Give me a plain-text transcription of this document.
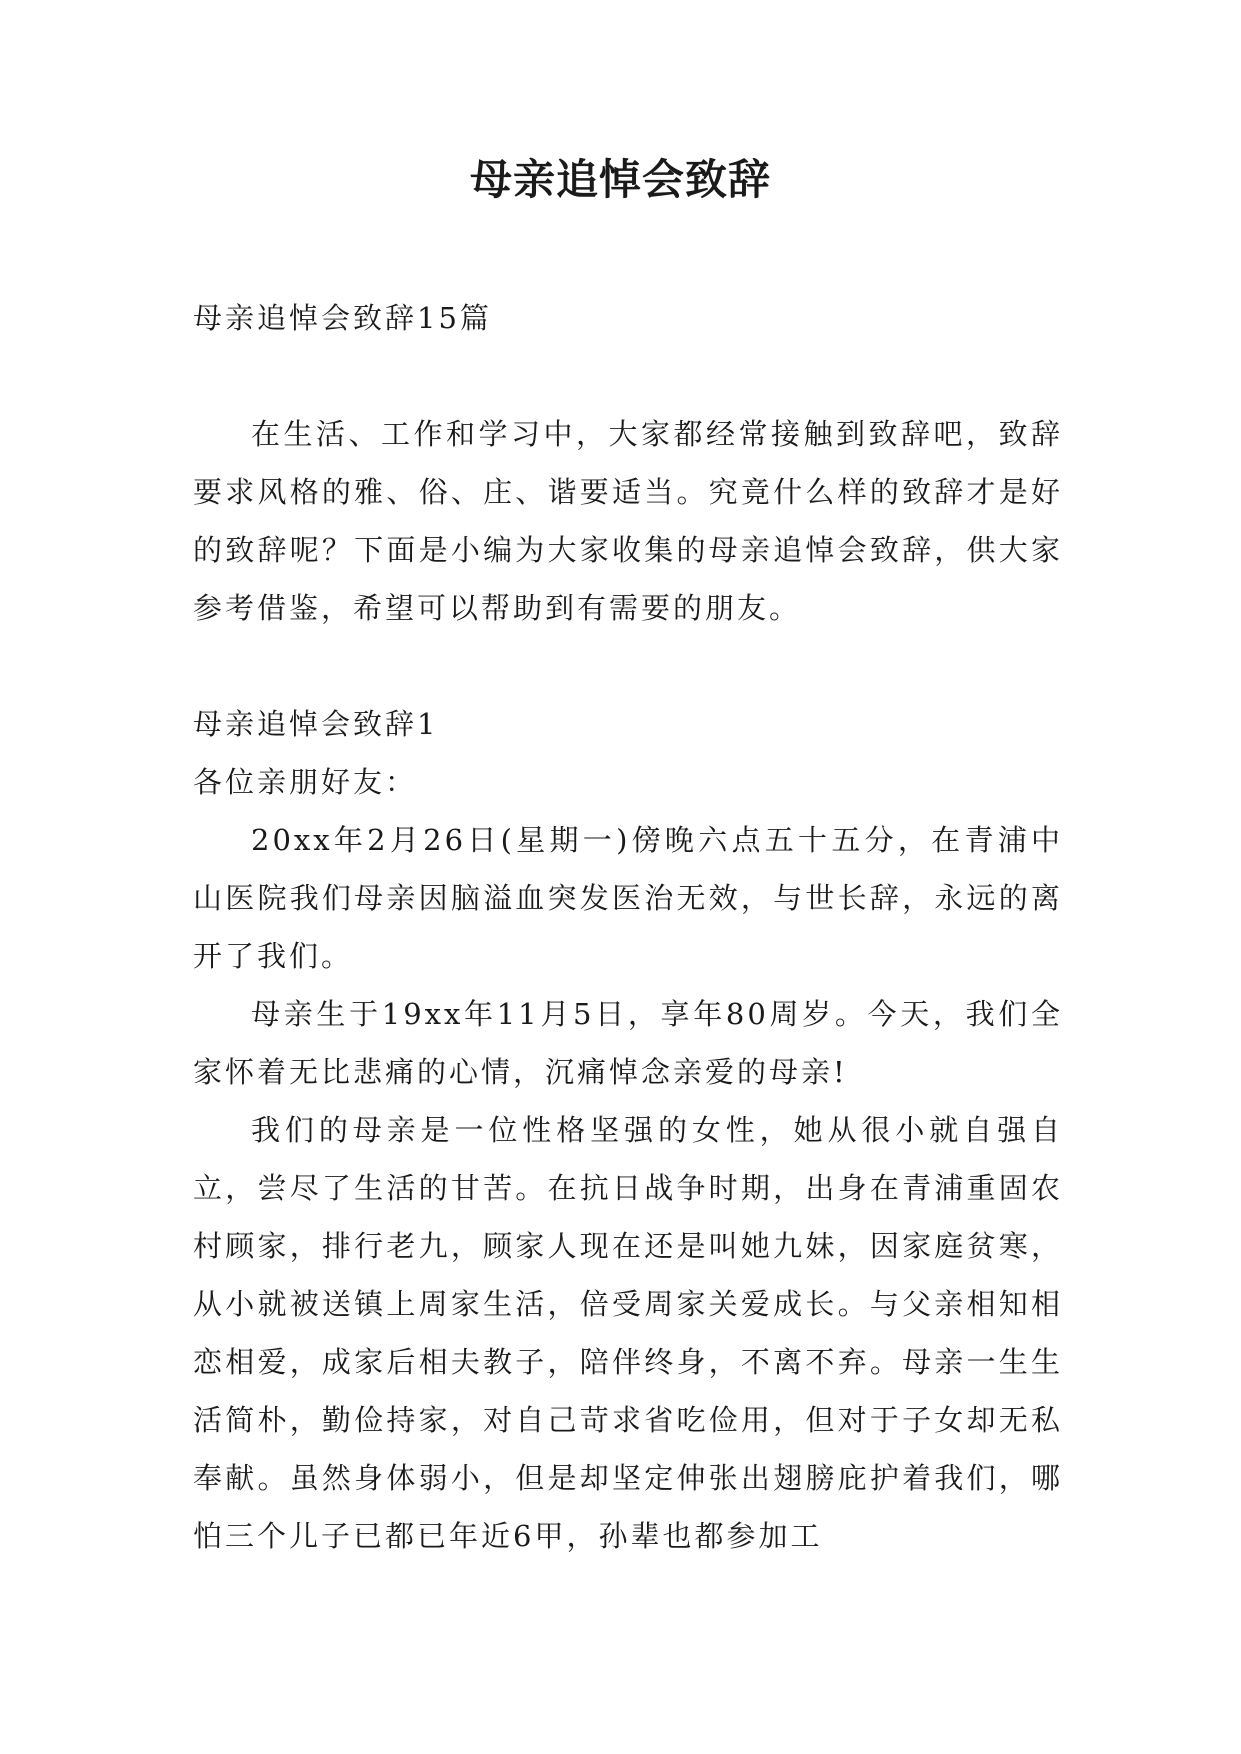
母亲追悼会致辞

母亲追悼会致辞15篇

在生活、工作和学习中，大家都经常接触到致辞吧，致辞要求风格的雅、俗、庄、谐要适当。究竟什么样的致辞才是好的致辞呢？下面是小编为大家收集的母亲追悼会致辞，供大家参考借鉴，希望可以帮助到有需要的朋友。

母亲追悼会致辞1

各位亲朋好友：

20xx年2月26日(星期一)傍晚六点五十五分，在青浦中山医院我们母亲因脑溢血突发医治无效，与世长辞，永远的离开了我们。

母亲生于19xx年11月5日，享年80周岁。今天，我们全家怀着无比悲痛的心情，沉痛悼念亲爱的母亲!

我们的母亲是一位性格坚强的女性，她从很小就自强自立，尝尽了生活的甘苦。在抗日战争时期，出身在青浦重固农村顾家，排行老九，顾家人现在还是叫她九妹，因家庭贫寒，从小就被送镇上周家生活，倍受周家关爱成长。与父亲相知相恋相爱，成家后相夫教子，陪伴终身，不离不弃。母亲一生生活简朴，勤俭持家，对自己苛求省吃俭用，但对于子女却无私奉献。虽然身体弱小，但是却坚定伸张出翅膀庇护着我们，哪怕三个儿子已都已年近6甲，孙辈也都参加工
